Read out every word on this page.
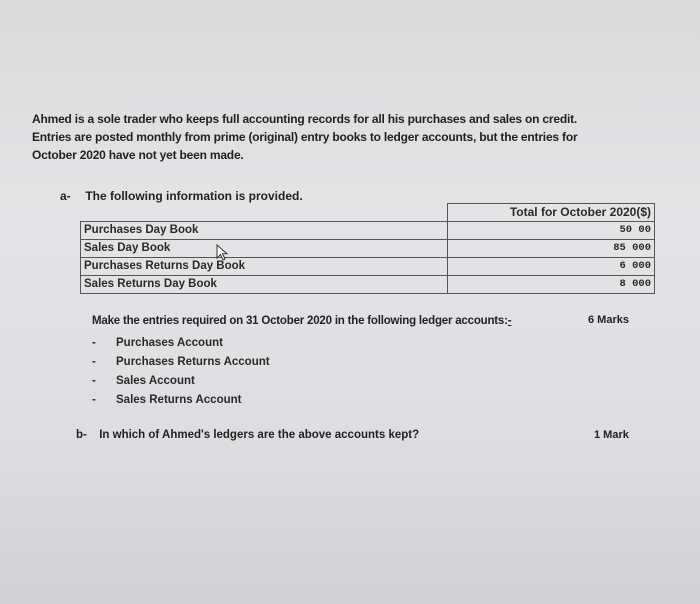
Ahmed is a sole trader who keeps full accounting records for all his purchases and sales on credit.

Entries are posted monthly from prime (original) entry books to ledger accounts, but the entries for

October 2020 have not yet been made.

a- The following information is provided.
	Total for October 2020($)
Purchases Day Book	50 00
Sales Day Book	85 000
Purchases Returns Day Book	6 000
Sales Returns Day Book	8 000
Make the entries required on 31 October 2020 in the following ledger accounts:-	6 Marks
- Purchases Account
- Purchases Returns Account
- Sales Account
- Sales Returns Account
b- In which of Ahmed's ledgers are the above accounts kept?	1 Mark
